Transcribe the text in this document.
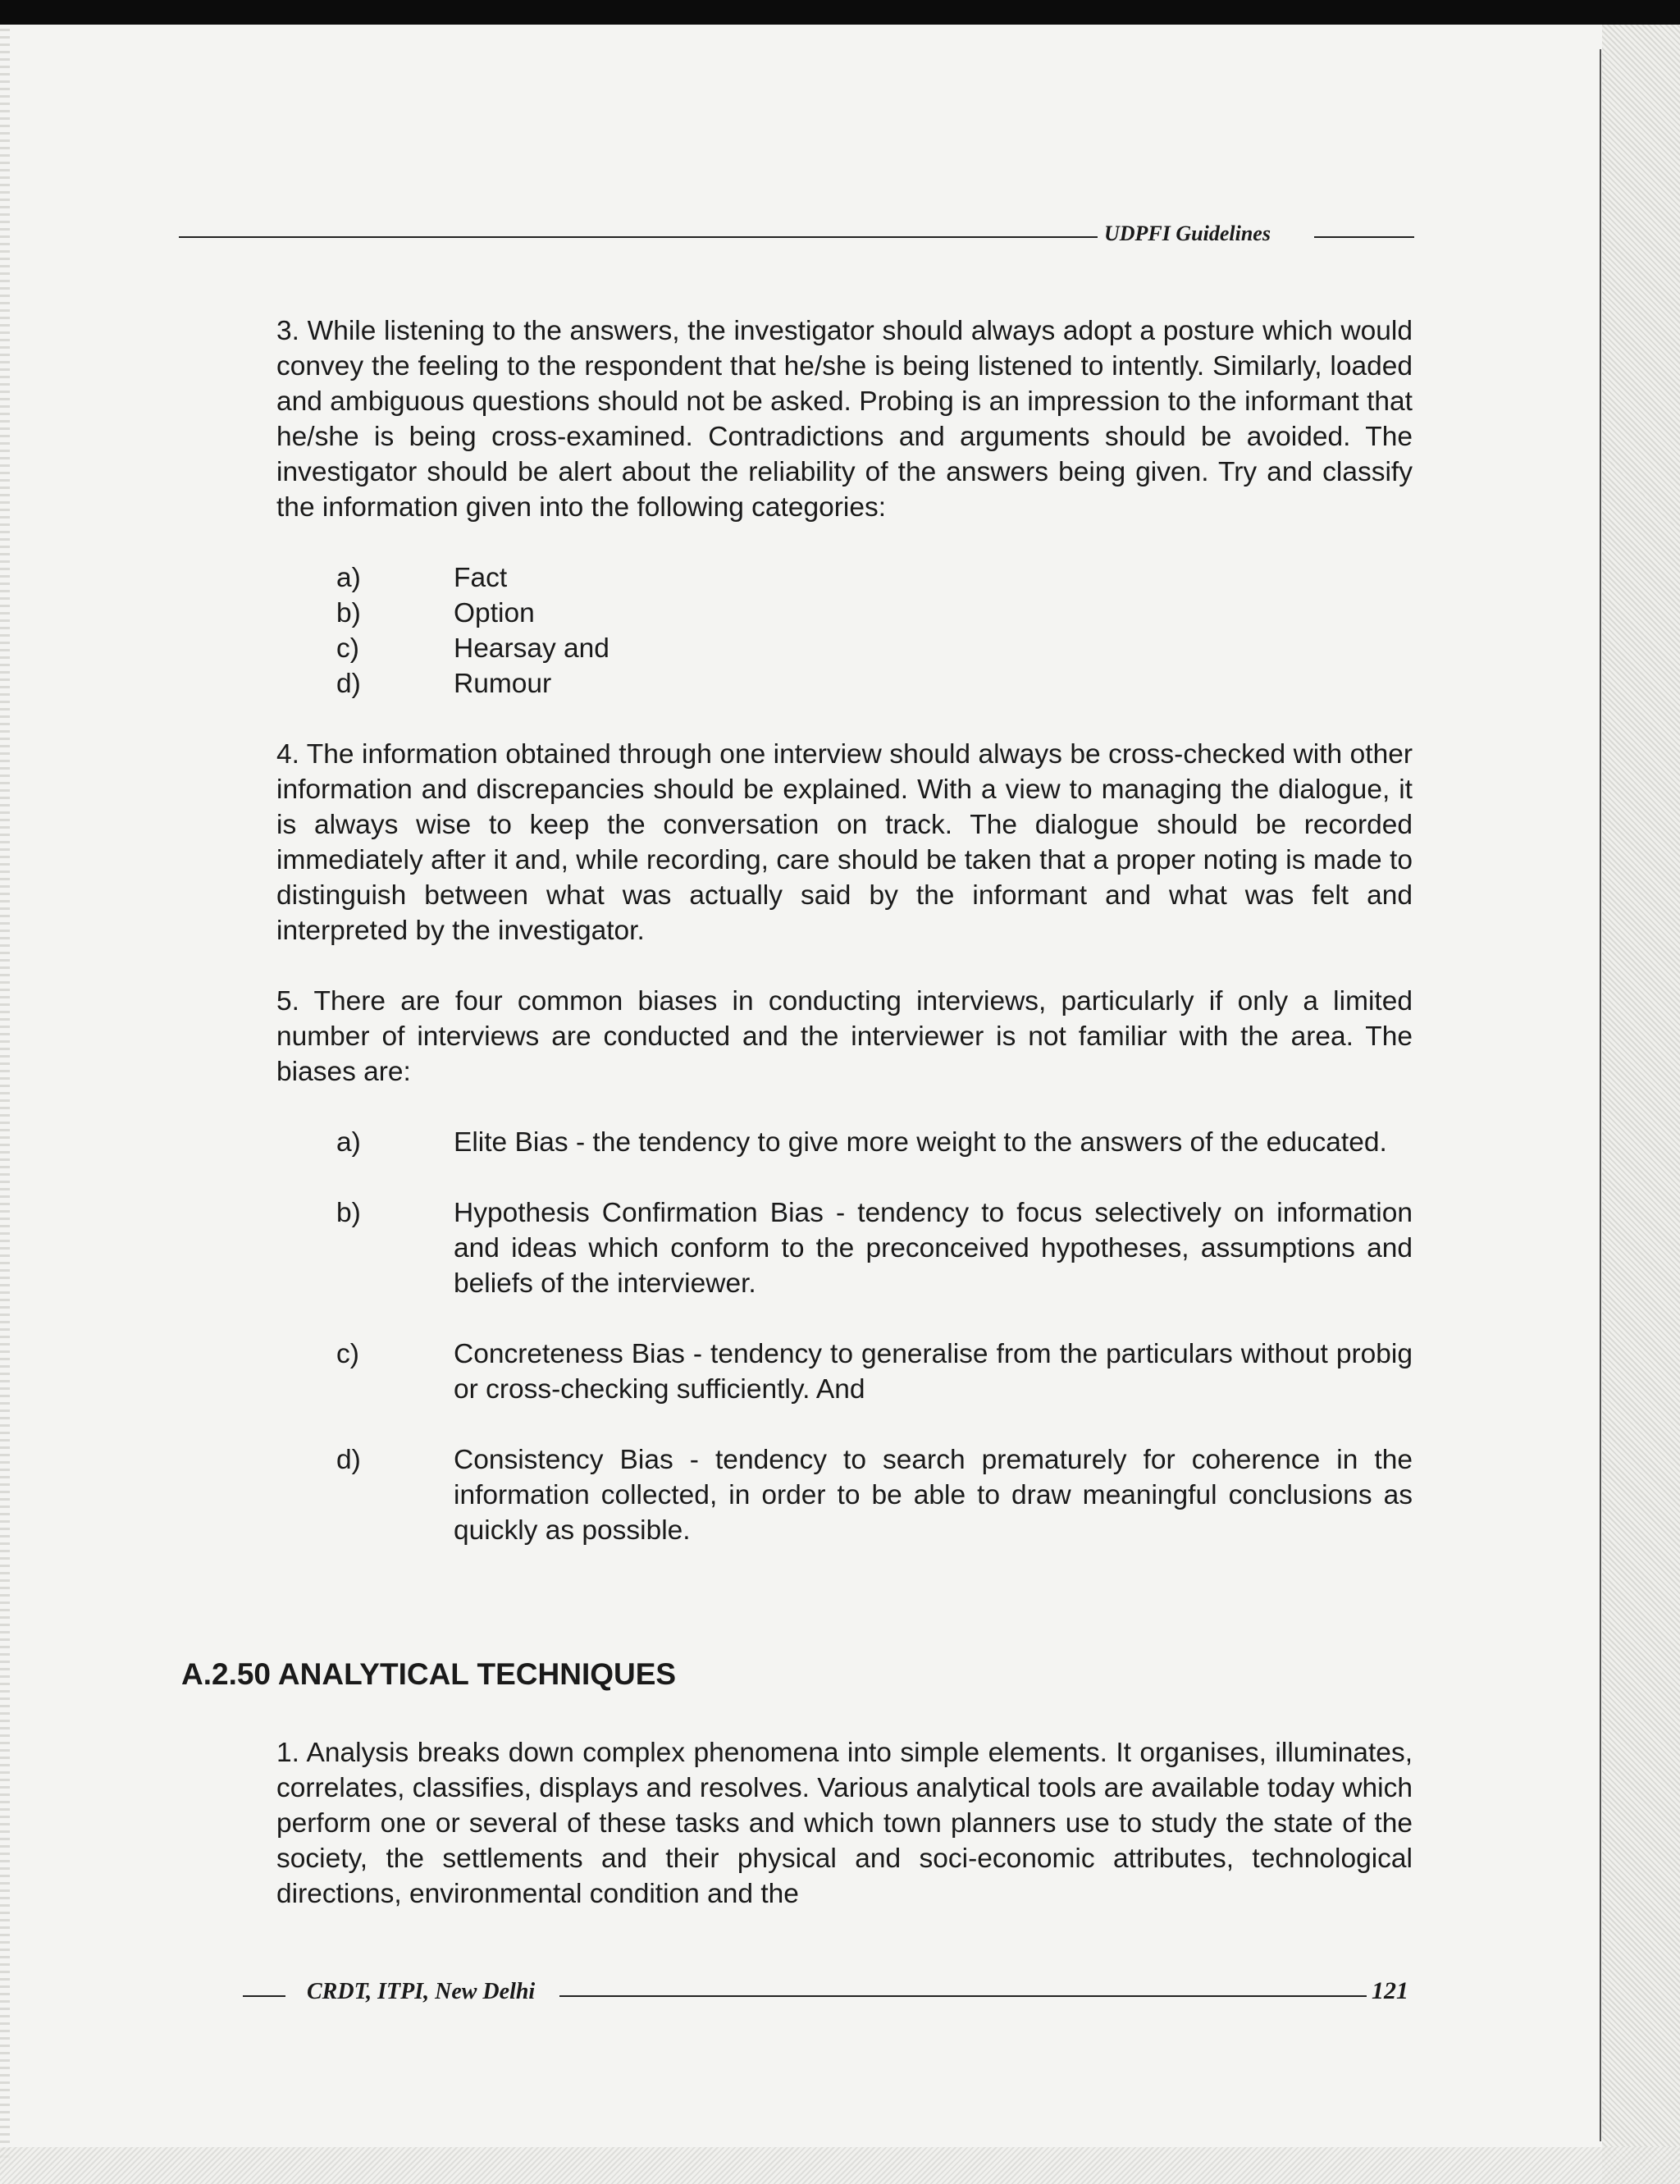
UDPFI Guidelines

3. While listening to the answers, the investigator should always adopt a posture which would convey the feeling to the respondent that he/she is being listened to intently. Similarly, loaded and ambiguous questions should not be asked. Probing is an impression to the informant that he/she is being cross-examined. Contradictions and arguments should be avoided. The investigator should be alert about the reliability of the answers being given. Try and classify the information given into the following categories:

a)	Fact
b)	Option
c)	Hearsay and
d)	Rumour

4. The information obtained through one interview should always be cross-checked with other information and discrepancies should be explained. With a view to managing the dialogue, it is always wise to keep the conversation on track. The dialogue should be recorded immediately after it and, while recording, care should be taken that a proper noting is made to distinguish between what was actually said by the informant and what was felt and interpreted by the investigator.

5. There are four common biases in conducting interviews, particularly if only a limited number of interviews are conducted and the interviewer is not familiar with the area. The biases are:

a)	Elite Bias - the tendency to give more weight to the answers of the educated.
b)	Hypothesis Confirmation Bias - tendency to focus selectively on information and ideas which conform to the preconceived hypotheses, assumptions and beliefs of the interviewer.
c)	Concreteness Bias - tendency to generalise from the particulars without probig or cross-checking sufficiently. And
d)	Consistency Bias - tendency to search prematurely for coherence in the information collected, in order to be able to draw meaningful conclusions as quickly as possible.
A.2.50 ANALYTICAL TECHNIQUES

1. Analysis breaks down complex phenomena into simple elements. It organises, illuminates, correlates, classifies, displays and resolves. Various analytical tools are available today which perform one or several of these tasks and which town planners use to study the state of the society, the settlements and their physical and soci-economic attributes, technological directions, environmental condition and the

CRDT, ITPI, New Delhi	121
